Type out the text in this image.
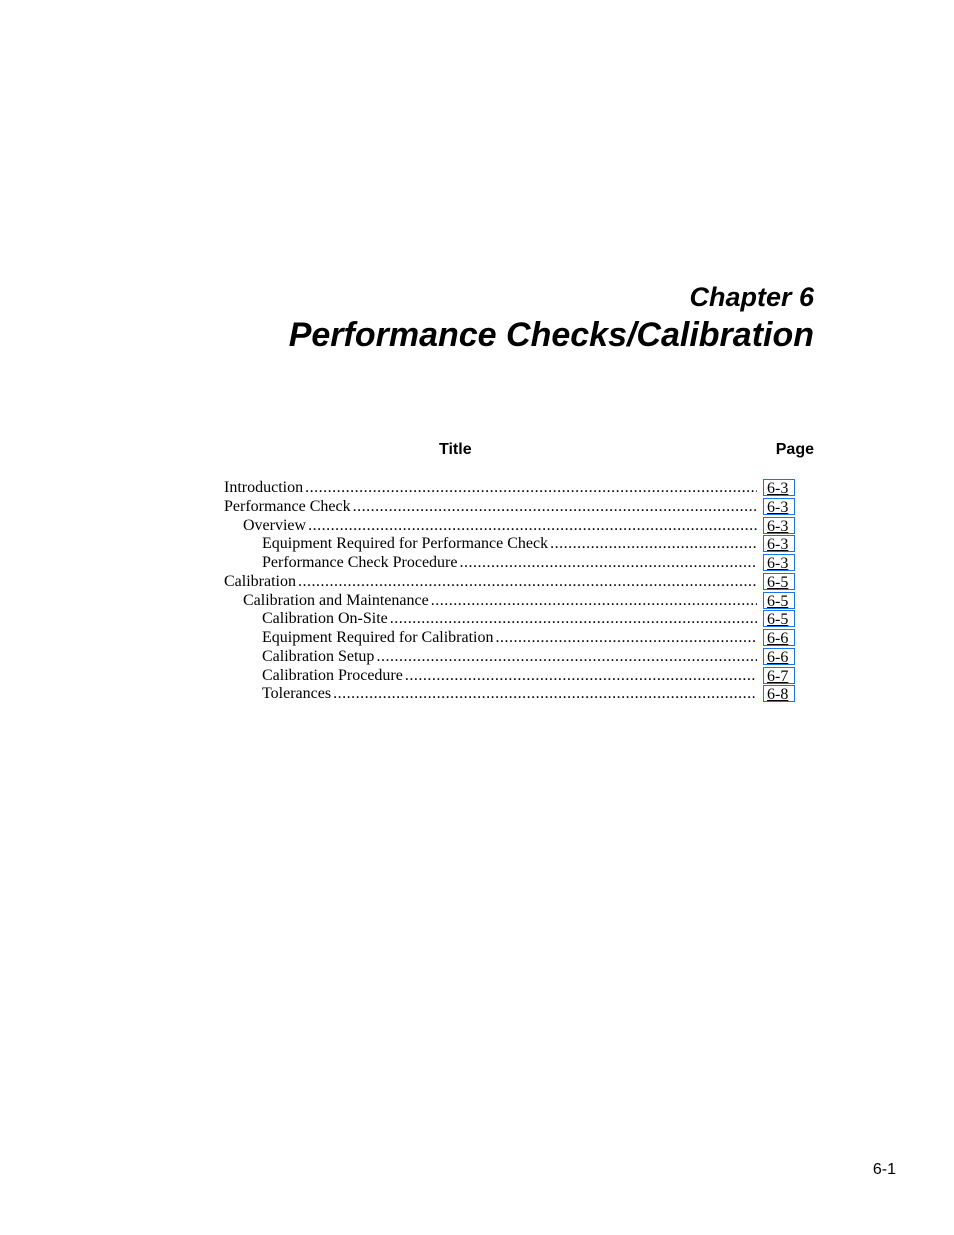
Chapter 6
Performance Checks/Calibration
Title	Page
Introduction .....	6-3
Performance Check .....	6-3
Overview .....	6-3
Equipment Required for Performance Check .....	6-3
Performance Check Procedure .....	6-3
Calibration .....	6-5
Calibration and Maintenance .....	6-5
Calibration On-Site .....	6-5
Equipment Required for Calibration .....	6-6
Calibration Setup .....	6-6
Calibration Procedure .....	6-7
Tolerances .....	6-8
6-1
